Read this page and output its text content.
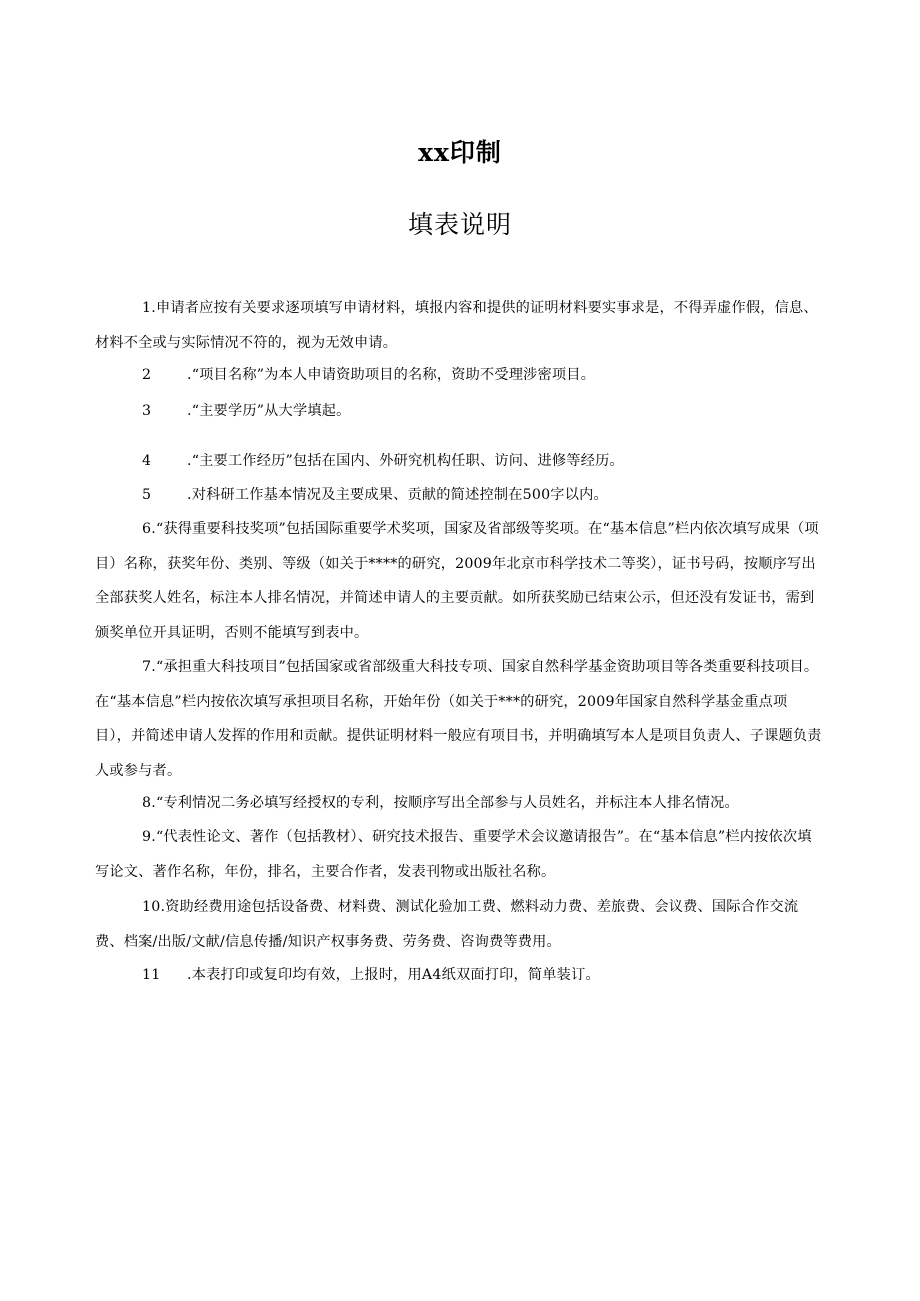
xx印制
填表说明
1.申请者应按有关要求逐项填写申请材料，填报内容和提供的证明材料要实事求是，不得弄虚作假，信息、材料不全或与实际情况不符的，视为无效申请。
2	.“项目名称”为本人申请资助项目的名称，资助不受理涉密项目。
3	.“主要学历”从大学填起。
4	.“主要工作经历”包括在国内、外研究机构任职、访问、进修等经历。
5	.对科研工作基本情况及主要成果、贡献的简述控制在500字以内。
6.“获得重要科技奖项”包括国际重要学术奖项，国家及省部级等奖项。在“基本信息”栏内依次填写成果（项目）名称，获奖年份、类别、等级（如关于****的研究，2009年北京市科学技术二等奖），证书号码，按顺序写出全部获奖人姓名，标注本人排名情况，并简述申请人的主要贡献。如所获奖励已结束公示，但还没有发证书，需到颁奖单位开具证明，否则不能填写到表中。
7.“承担重大科技项目”包括国家或省部级重大科技专项、国家自然科学基金资助项目等各类重要科技项目。在“基本信息”栏内按依次填写承担项目名称，开始年份（如关于***的研究，2009年国家自然科学基金重点项目），并简述申请人发挥的作用和贡献。提供证明材料一般应有项目书，并明确填写本人是项目负责人、子课题负责人或参与者。
8.“专利情况二务必填写经授权的专利，按顺序写出全部参与人员姓名，并标注本人排名情况。
9.“代表性论文、著作（包括教材）、研究技术报告、重要学术会议邀请报告”。在“基本信息”栏内按依次填写论文、著作名称，年份，排名，主要合作者，发表刊物或出版社名称。
10.资助经费用途包括设备费、材料费、测试化验加工费、燃料动力费、差旅费、会议费、国际合作交流费、档案/出版/文献/信息传播/知识产权事务费、劳务费、咨询费等费用。
11 .本表打印或复印均有效，上报时，用A4纸双面打印，简单装订。
